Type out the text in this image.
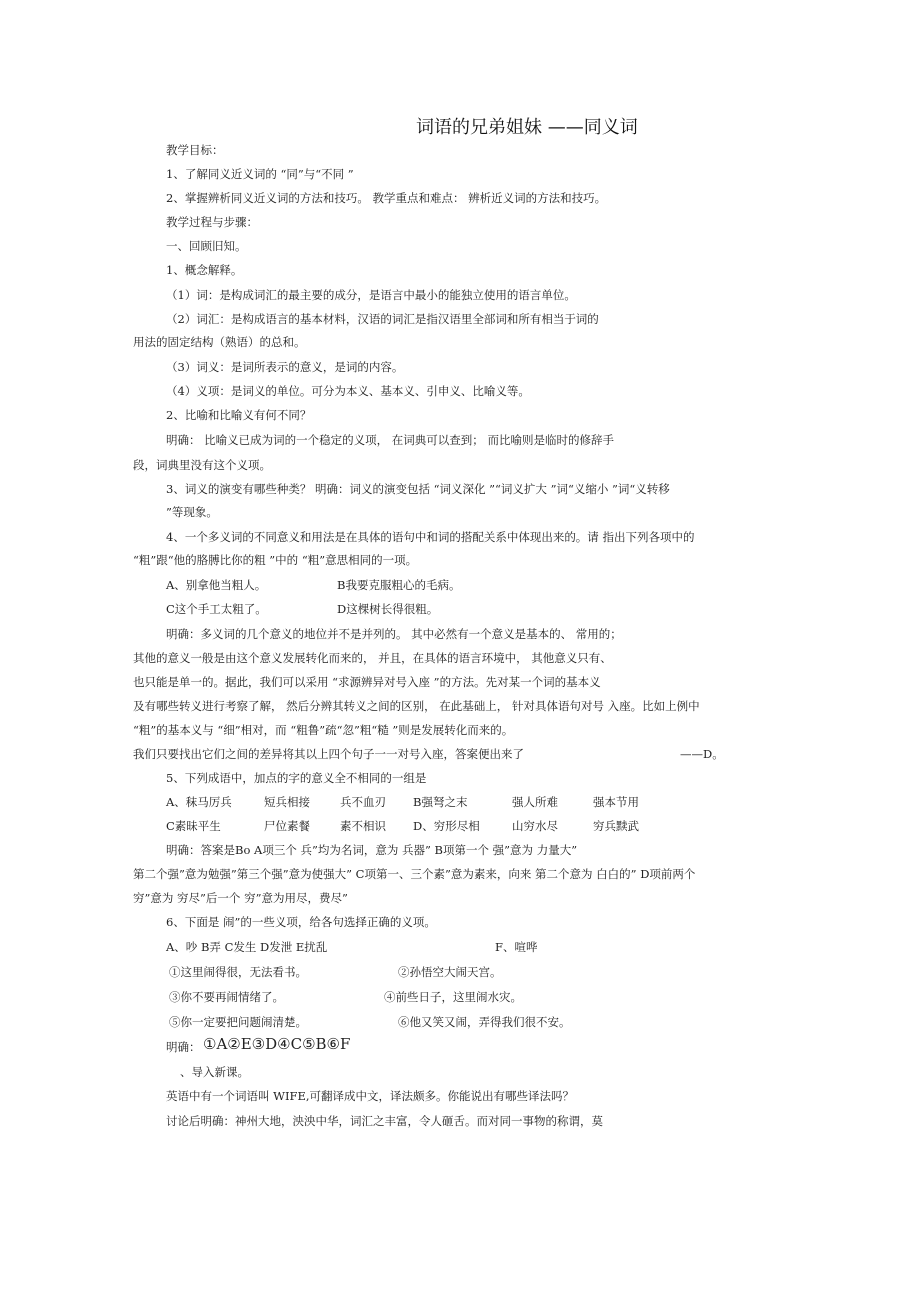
词语的兄弟姐妹 ——同义词
教学目标：
1、了解同义近义词的 “同”与“不同 ”
2、掌握辨析同义近义词的方法和技巧。 教学重点和难点： 辨析近义词的方法和技巧。
教学过程与步骤：
一、回顾旧知。
1、概念解释。
（1）词：是构成词汇的最主要的成分，是语言中最小的能独立使用的语言单位。
（2）词汇：是构成语言的基本材料，汉语的词汇是指汉语里全部词和所有相当于词的
用法的固定结构（熟语）的总和。
（3）词义：是词所表示的意义，是词的内容。
（4）义项：是词义的单位。可分为本义、基本义、引申义、比喻义等。
2、比喻和比喻义有何不同？
明确： 比喻义已成为词的一个稳定的义项， 在词典可以查到； 而比喻则是临时的修辞手
段，词典里没有这个义项。
3、词义的演变有哪些种类？ 明确：词义的演变包括 “词义深化 ”“词义扩大 ”词“义缩小 ”词“义转移
”等现象。
4、一个多义词的不同意义和用法是在具体的语句中和词的搭配关系中体现出来的。请 指出下列各项中的
“粗”跟“他的胳膊比你的粗 ”中的 “粗”意思相同的一项。
A、别拿他当粗人。	B我要克服粗心的毛病。
C这个手工太粗了。	D这棵树长得很粗。
明确：多义词的几个意义的地位并不是并列的。 其中必然有一个意义是基本的、 常用的；
其他的意义一般是由这个意义发展转化而来的， 并且，在具体的语言环境中， 其他意义只有、
也只能是单一的。据此，我们可以采用 “求源辨异对号入座 ”的方法。先对某一个词的基本义
及有哪些转义进行考察了解， 然后分辨其转义之间的区别， 在此基础上， 针对具体语句对号 入座。比如上例中
“粗”的基本义与 “细”相对，而 “粗鲁”疏“忽”粗“糙 ”则是发展转化而来的。
我们只要找出它们之间的差异将其以上四个句子一一对号入座，答案便出来了	——D。
5、下列成语中，加点的字的意义全不相同的一组是
A、秣马厉兵	短兵相接	兵不血刃 B强弩之末	强人所难	强本节用
C素昧平生	尸位素餐	素不相识 D、穷形尽相	山穷水尽	穷兵黩武
明确：答案是Bo A项三个 兵”均为名词，意为 兵器” B项第一个 强”意为 力量大”
第二个强”意为勉强”第三个强”意为使强大” C项第一、三个素”意为素来，向来 第二个意为 白白的” D项前两个
穷”意为 穷尽”后一个 穷”意为用尽，费尽”
6、下面是 闹”的一些义项，给各句选择正确的义项。
A、吵 B弄 C发生 D发泄 E扰乱	F、喧哗
①这里闹得很，无法看书。	②孙悟空大闹天宫。
③你不要再闹情绪了。	④前些日子，这里闹水灾。
⑤你一定要把问题闹清楚。	⑥他又笑又闹，弄得我们很不安。
明确： ①A②E③D④C⑤B⑥F
、导入新课。
英语中有一个词语叫 WIFE,可翻译成中文，译法颇多。你能说出有哪些译法吗？
讨论后明确：神州大地，泱泱中华，词汇之丰富，令人砸舌。而对同一事物的称谓，莫
